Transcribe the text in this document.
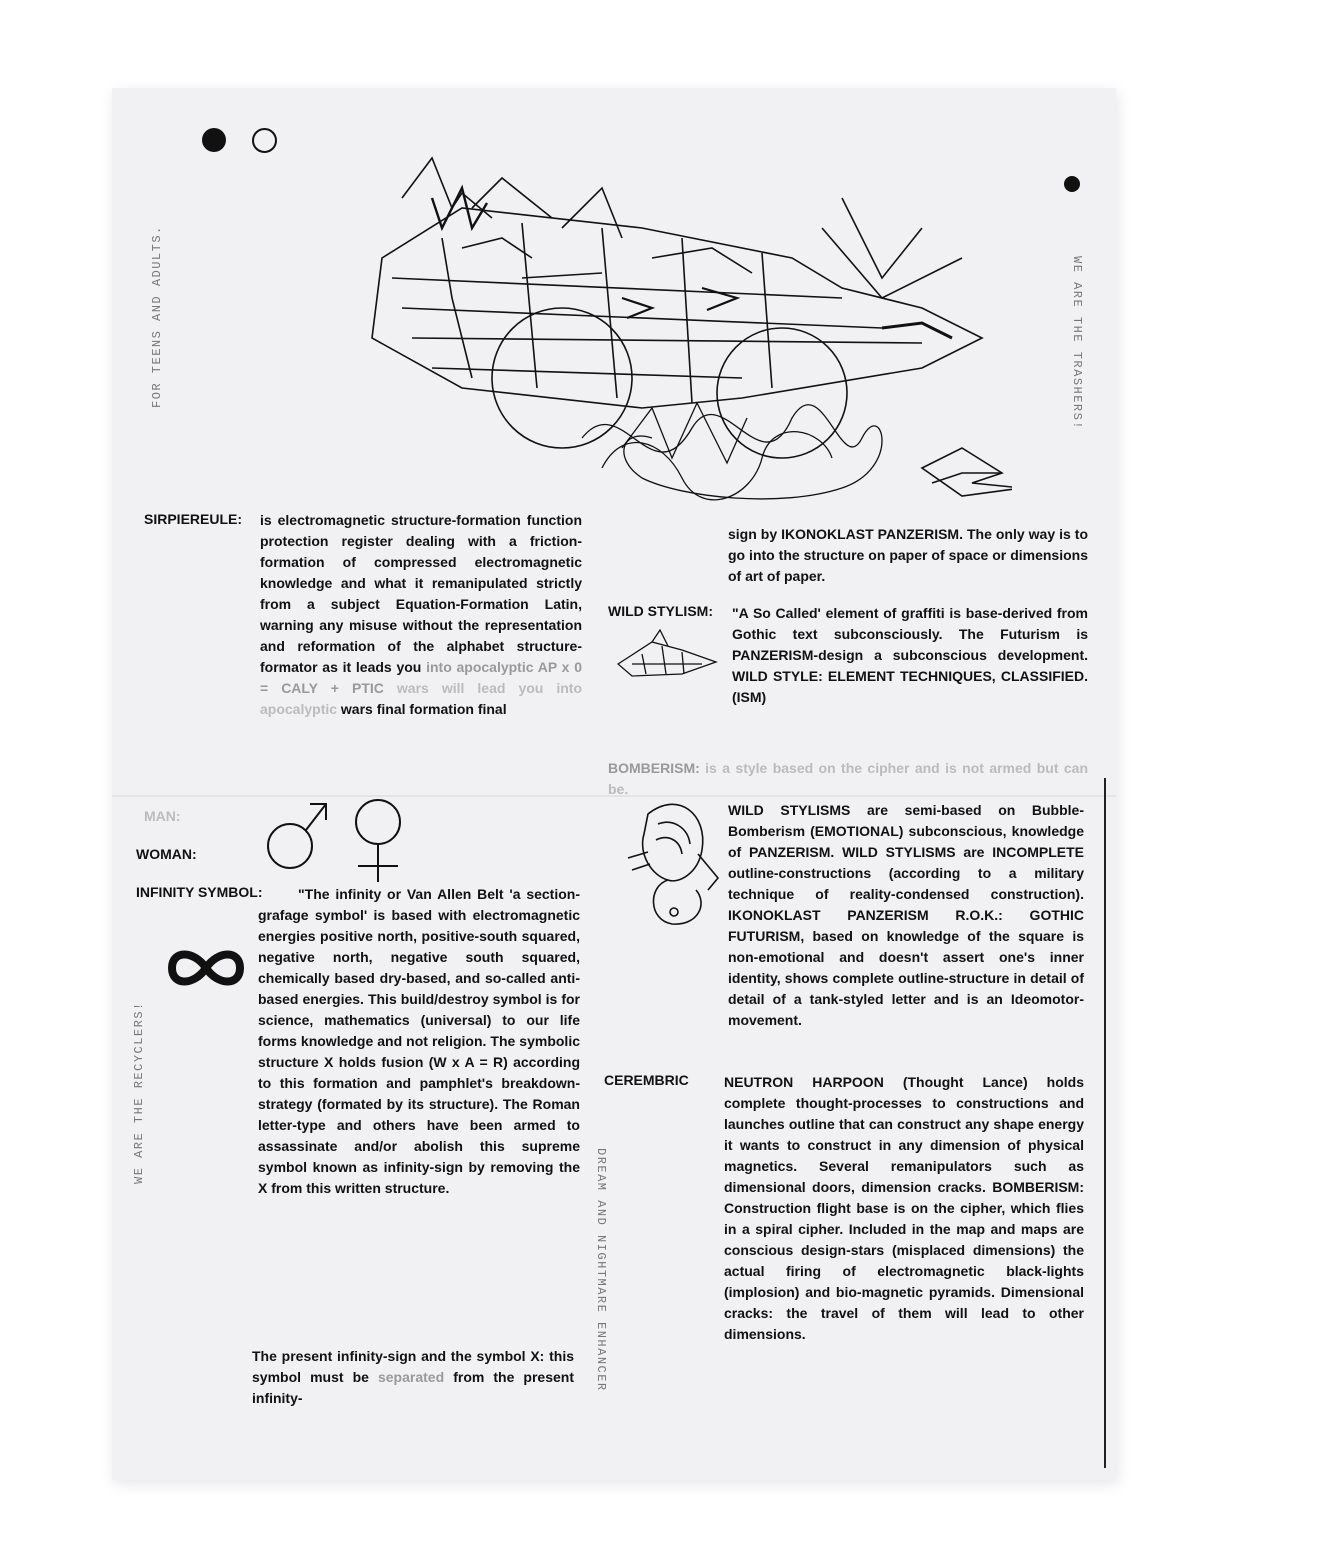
FOR TEENS AND ADULTS.	WE ARE THE TRASHERS!
WE ARE THE RECYCLERS!
DREAM AND NIGHTMARE ENHANCER
SIRPIEREULE: is electromagnetic structure-formation function protection register dealing with a friction-formation of compressed electromagnetic knowledge and what it remanipulated strictly from a subject Equation-Formation Latin, warning any misuse without the representation and reformation of the alphabet structure-formator as it leads you into apocalyptic AP x 0 = CALY + PTIC wars will lead you into apocalyptic wars final formation final

MAN:
WOMAN:
INFINITY SYMBOL:	"The infinity or Van Allen Belt 'a section-grafage symbol' is based with electromagnetic energies positive north, positive-south squared, negative north, negative south squared, chemically based dry-based, and so-called anti-based energies. This build/destroy symbol is for science, mathematics (universal) to our life forms knowledge and not religion. The symbolic structure X holds fusion (W x A = R) according to this formation and pamphlet's breakdown-strategy (formated by its structure). The Roman letter-type and others have been armed to assassinate and/or abolish this supreme symbol known as infinity-sign by removing the X from this written structure.

The present infinity-sign and the symbol X: this symbol must be separated from the present infinity-

sign by IKONOKLAST PANZERISM. The only way is to go into the structure on paper of space or dimensions of art of paper.

WILD STYLISM: "A So Called' element of graffiti is base-derived from Gothic text subconsciously. The Futurism is PANZERISM-design a subconscious development. WILD STYLE: ELEMENT TECHNIQUES, CLASSIFIED. (ISM)

BOMBERISM: is a style based on the cipher and is not armed but can be.

WILD STYLISMS are semi-based on Bubble-Bomberism (EMOTIONAL) subconscious, knowledge of PANZERISM. WILD STYLISMS are INCOMPLETE outline-constructions (according to a military technique of reality-condensed construction). IKONOKLAST PANZERISM R.O.K.: GOTHIC FUTURISM, based on knowledge of the square is non-emotional and doesn't assert one's inner identity, shows complete outline-structure in detail of detail of a tank-styled letter and is an Ideomotor-movement.

CEREMBRIC	NEUTRON HARPOON (Thought Lance) holds complete thought-processes to constructions and launches outline that can construct any shape energy it wants to construct in any dimension of physical magnetics. Several remanipulators such as dimensional doors, dimension cracks. BOMBERISM: Construction flight base is on the cipher, which flies in a spiral cipher. Included in the map and maps are conscious design-stars (misplaced dimensions) the actual firing of electromagnetic black-lights (implosion) and bio-magnetic pyramids. Dimensional cracks: the travel of them will lead to other dimensions.
